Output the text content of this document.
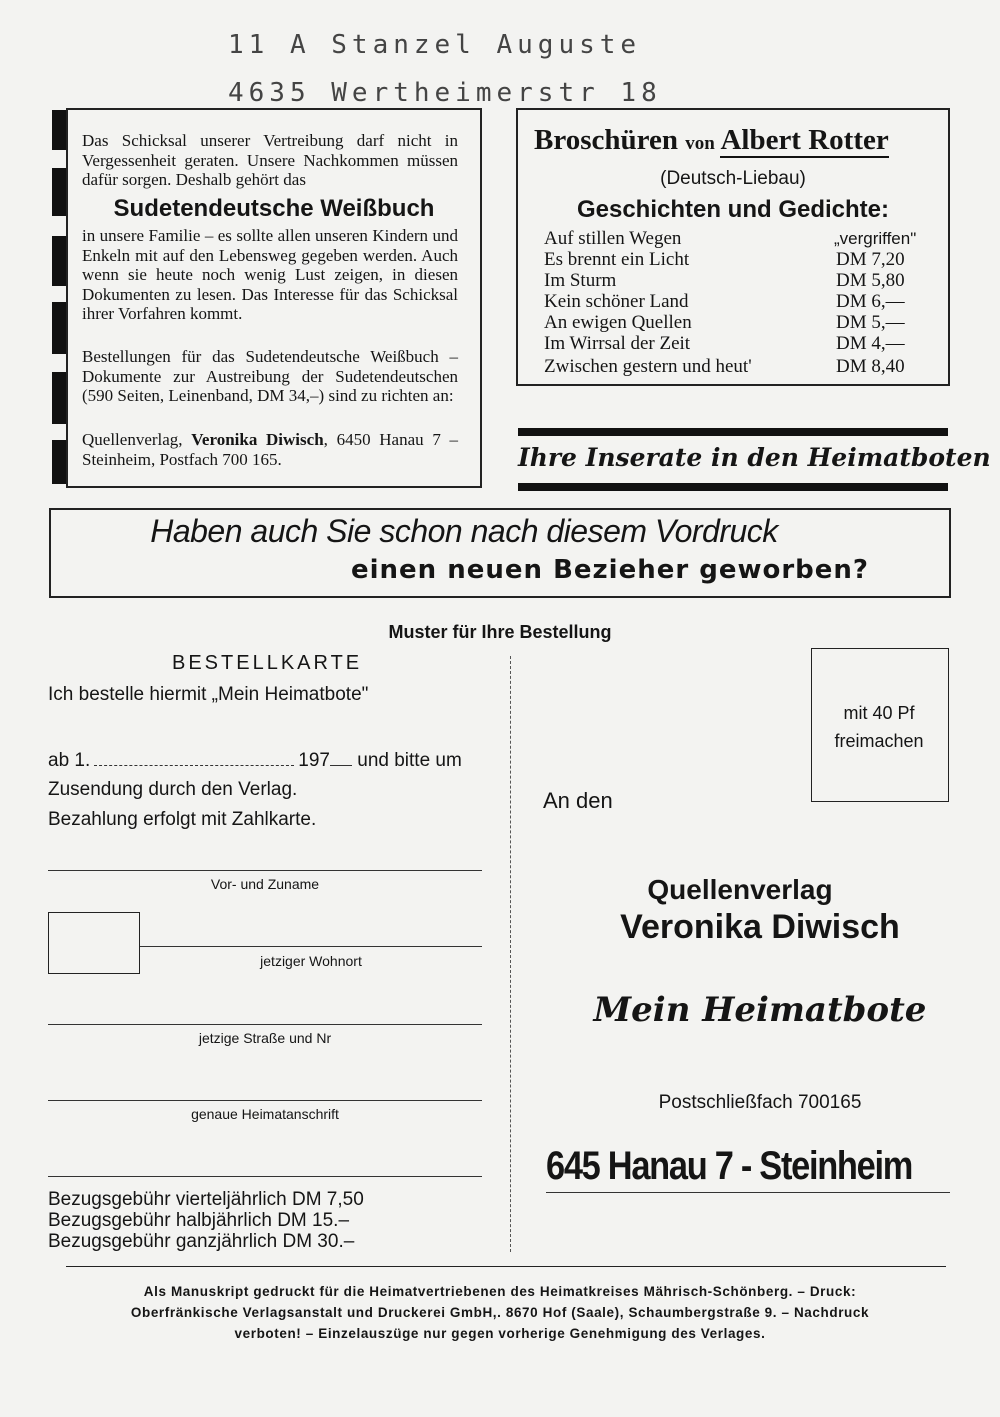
11 A Stanzel Auguste
4635 Wertheimerstr 18
Das Schicksal unserer Vertreibung darf nicht in Vergessenheit geraten. Unsere Nachkommen müssen dafür sorgen. Deshalb gehört das
Sudetendeutsche Weißbuch
in unsere Familie – es sollte allen unseren Kindern und Enkeln mit auf den Lebensweg gegeben werden. Auch wenn sie heute noch wenig Lust zeigen, in diesen Dokumenten zu lesen. Das Interesse für das Schicksal ihrer Vorfahren kommt.
Bestellungen für das Sudetendeutsche Weißbuch – Dokumente zur Austreibung der Sudetendeutschen (590 Seiten, Leinenband, DM 34,–) sind zu richten an:
Quellenverlag, Veronika Diwisch, 6450 Hanau 7 – Steinheim, Postfach 700 165.
Broschüren von Albert Rotter
(Deutsch-Liebau)
Geschichten und Gedichte:
Auf stillen Wegen	„vergriffen"
Es brennt ein Licht	DM 7,20
Im Sturm	DM 5,80
Kein schöner Land	DM 6,—
An ewigen Quellen	DM 5,—
Im Wirrsal der Zeit	DM 4,—
Zwischen gestern und heut'	DM 8,40
Ihre Inserate in den Heimatboten
Haben auch Sie schon nach diesem Vordruck
einen neuen Bezieher geworben?
Muster für Ihre Bestellung
BESTELLKARTE
Ich bestelle hiermit „Mein Heimatbote"
ab 1.	197 und bitte um
Zusendung durch den Verlag.
Bezahlung erfolgt mit Zahlkarte.
Vor- und Zuname
jetziger Wohnort
jetzige Straße und Nr
genaue Heimatanschrift
Bezugsgebühr vierteljährlich DM 7,50
Bezugsgebühr halbjährlich DM 15.–
Bezugsgebühr ganzjährlich DM 30.–
mit 40 Pf
freimachen
An den
Quellenverlag
Veronika Diwisch
Mein Heimatbote
Postschließfach 700165
645 Hanau 7 - Steinheim
Als Manuskript gedruckt für die Heimatvertriebenen des Heimatkreises Mährisch-Schönberg. – Druck:
Oberfränkische Verlagsanstalt und Druckerei GmbH,. 8670 Hof (Saale), Schaumbergstraße 9. – Nachdruck
verboten! – Einzelauszüge nur gegen vorherige Genehmigung des Verlages.
